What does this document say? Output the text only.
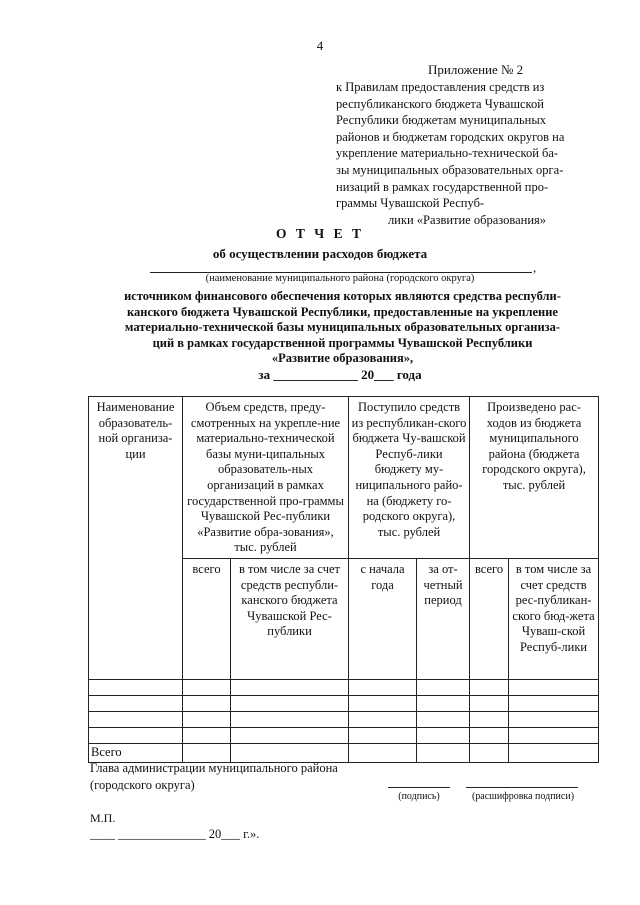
4
Приложение № 2
к Правилам предоставления средств из
республиканского бюджета Чувашской
Республики бюджетам муниципальных
районов и бюджетам городских округов на
укрепление материально-технической ба-
зы муниципальных образовательных орга-
низаций в рамках государственной про-
граммы Чувашской Респуб-
лики «Развитие образования»
О Т Ч Е Т
об осуществлении расходов бюджета
,
(наименование муниципального района (городского округа)
источником финансового обеспечения которых являются средства республи-
канского бюджета Чувашской Республики, предоставленные на укрепление
материально-технической базы муниципальных образовательных организа-
ций в рамках государственной программы Чувашской Республики
«Развитие образования»,
за _____________ 20___ года
Наименование образователь-ной организа-ции	Объем средств, преду-смотренных на укрепле-ние материально-технической базы муни-ципальных образователь-ных организаций в рамках государственной про-граммы Чувашской Рес-публики «Развитие обра-зования», тыс. рублей		Поступило средств из республикан-ского бюджета Чу-вашской Респуб-лики бюджету му-ниципального райо-на (бюджету го-родского округа), тыс. рублей		Произведено рас-ходов из бюджета муниципального района (бюджета городского округа), тыс. рублей	
	всего	в том числе за счет средств республи-канского бюджета Чувашской Рес-публики	с начала года	за от-четный период	всего	в том числе за счет средств рес-публикан-ского бюд-жета Чуваш-ской Респуб-лики

Всего						
Глава администрации муниципального района
(городского округа)
(подпись)	(расшифровка подписи)
М.П.
____ ______________ 20___ г.».
